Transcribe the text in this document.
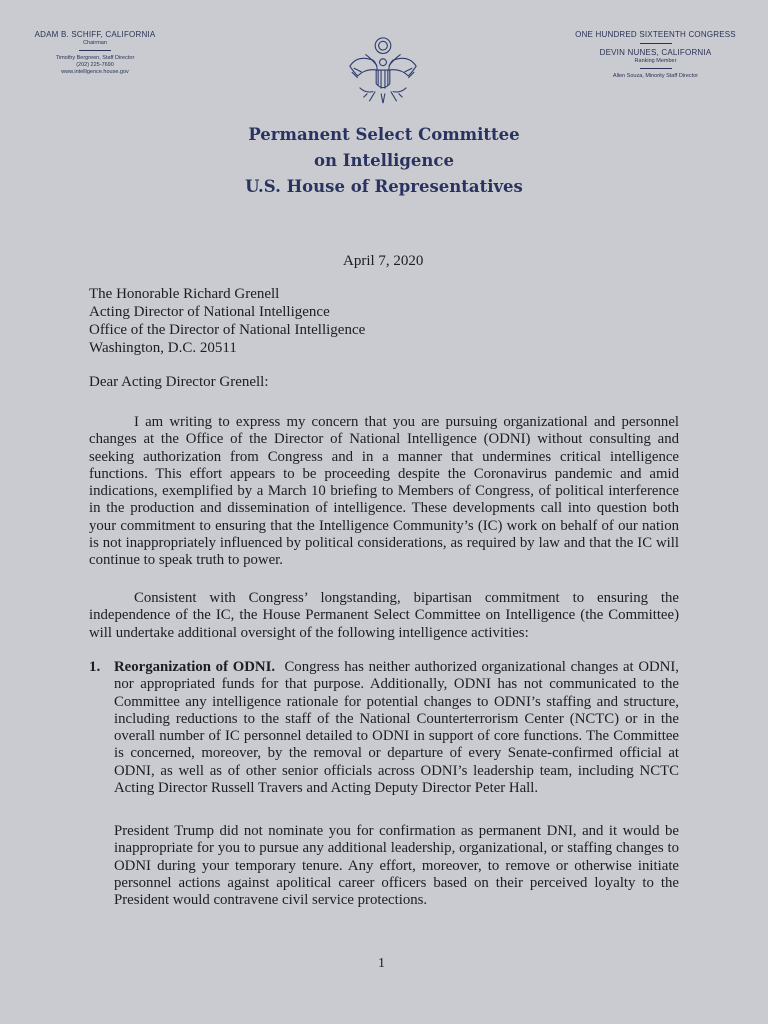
ADAM B. SCHIFF, CALIFORNIA
Chairman
Timothy Bergreen, Staff Director
(202) 225-7690
www.intelligence.house.gov
ONE HUNDRED SIXTEENTH CONGRESS
DEVIN NUNES, CALIFORNIA
Ranking Member
Allen Souza, Minority Staff Director
Permanent Select Committee
on Intelligence
U.S. House of Representatives
April 7, 2020
The Honorable Richard Grenell
Acting Director of National Intelligence
Office of the Director of National Intelligence
Washington, D.C. 20511
Dear Acting Director Grenell:

I am writing to express my concern that you are pursuing organizational and personnel changes at the Office of the Director of National Intelligence (ODNI) without consulting and seeking authorization from Congress and in a manner that undermines critical intelligence functions. This effort appears to be proceeding despite the Coronavirus pandemic and amid indications, exemplified by a March 10 briefing to Members of Congress, of political interference in the production and dissemination of intelligence. These developments call into question both your commitment to ensuring that the Intelligence Community’s (IC) work on behalf of our nation is not inappropriately influenced by political considerations, as required by law and that the IC will continue to speak truth to power.

Consistent with Congress’ longstanding, bipartisan commitment to ensuring the independence of the IC, the House Permanent Select Committee on Intelligence (the Committee) will undertake additional oversight of the following intelligence activities:

1. Reorganization of ODNI. Congress has neither authorized organizational changes at ODNI, nor appropriated funds for that purpose. Additionally, ODNI has not communicated to the Committee any intelligence rationale for potential changes to ODNI’s staffing and structure, including reductions to the staff of the National Counterterrorism Center (NCTC) or in the overall number of IC personnel detailed to ODNI in support of core functions. The Committee is concerned, moreover, by the removal or departure of every Senate-confirmed official at ODNI, as well as of other senior officials across ODNI’s leadership team, including NCTC Acting Director Russell Travers and Acting Deputy Director Peter Hall.

President Trump did not nominate you for confirmation as permanent DNI, and it would be inappropriate for you to pursue any additional leadership, organizational, or staffing changes to ODNI during your temporary tenure. Any effort, moreover, to remove or otherwise initiate personnel actions against apolitical career officers based on their perceived loyalty to the President would contravene civil service protections.

1
